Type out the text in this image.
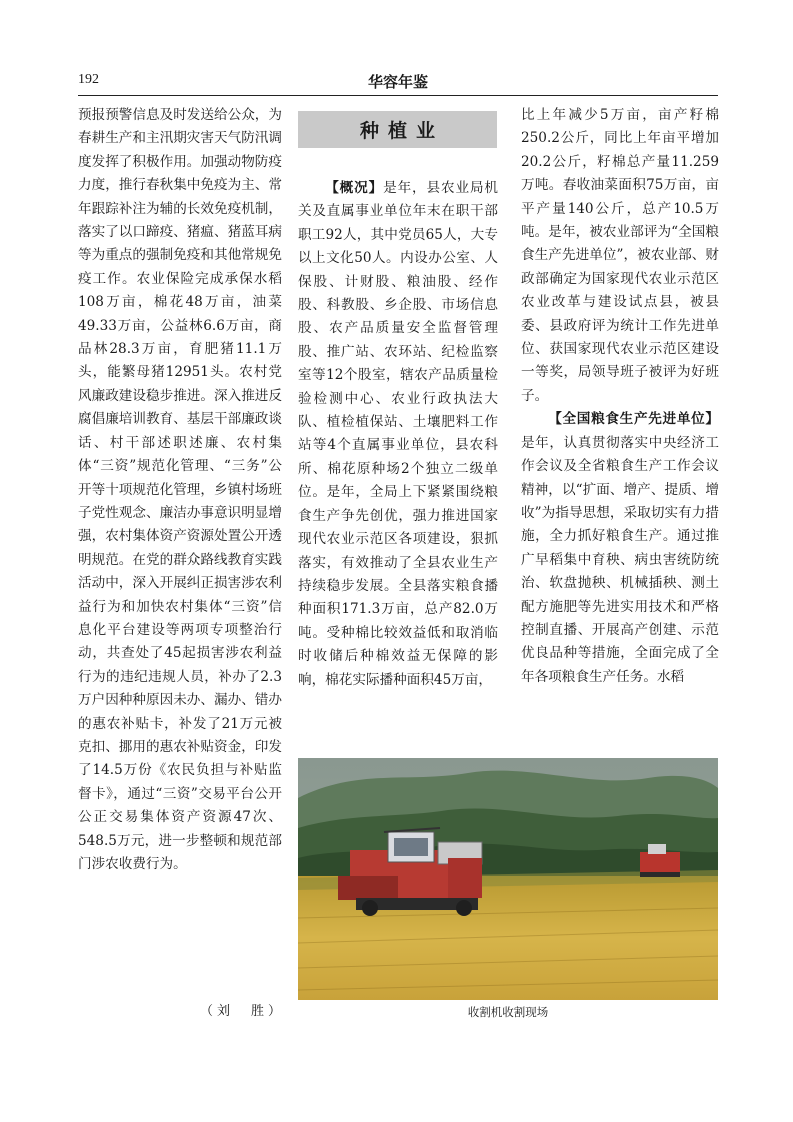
192	华容年鉴

预报预警信息及时发送给公众，为春耕生产和主汛期灾害天气防汛调度发挥了积极作用。加强动物防疫力度，推行春秋集中免疫为主、常年跟踪补注为辅的长效免疫机制，落实了以口蹄疫、猪瘟、猪蓝耳病等为重点的强制免疫和其他常规免疫工作。农业保险完成承保水稻108万亩，棉花48万亩，油菜49.33万亩，公益林6.6万亩，商品林28.3万亩，育肥猪11.1万头，能繁母猪12951头。农村党风廉政建设稳步推进。深入推进反腐倡廉培训教育、基层干部廉政谈话、村干部述职述廉、农村集体“三资”规范化管理、“三务”公开等十项规范化管理，乡镇村场班子党性观念、廉洁办事意识明显增强，农村集体资产资源处置公开透明规范。在党的群众路线教育实践活动中，深入开展纠正损害涉农利益行为和加快农村集体“三资”信息化平台建设等两项专项整治行动，共查处了45起损害涉农利益行为的违纪违规人员，补办了2.3万户因种种原因未办、漏办、错办的惠农补贴卡，补发了21万元被克扣、挪用的惠农补贴资金，印发了14.5万份《农民负担与补贴监督卡》，通过“三资”交易平台公开公正交易集体资产资源47次、548.5万元，进一步整顿和规范部门涉农收费行为。

（刘　胜）
种植业

【概况】是年，县农业局机关及直属事业单位年末在职干部职工92人，其中党员65人，大专以上文化50人。内设办公室、人保股、计财股、粮油股、经作股、科教股、乡企股、市场信息股、农产品质量安全监督管理股、推广站、农环站、纪检监察室等12个股室，辖农产品质量检验检测中心、农业行政执法大队、植检植保站、土壤肥料工作站等4个直属事业单位，县农科所、棉花原种场2个独立二级单位。是年，全局上下紧紧围绕粮食生产争先创优，强力推进国家现代农业示范区各项建设，狠抓落实，有效推动了全县农业生产持续稳步发展。全县落实粮食播种面积171.3万亩，总产82.0万吨。受种棉比较效益低和取消临时收储后种棉效益无保障的影响，棉花实际播种面积45万亩，

比上年减少5万亩，亩产籽棉250.2公斤，同比上年亩平增加20.2公斤，籽棉总产量11.259万吨。春收油菜面积75万亩，亩平产量140公斤，总产10.5万吨。是年，被农业部评为“全国粮食生产先进单位”，被农业部、财政部确定为国家现代农业示范区农业改革与建设试点县，被县委、县政府评为统计工作先进单位、获国家现代农业示范区建设一等奖，局领导班子被评为好班子。

【全国粮食生产先进单位】是年，认真贯彻落实中央经济工作会议及全省粮食生产工作会议精神，以“扩面、增产、提质、增收”为指导思想，采取切实有力措施，全力抓好粮食生产。通过推广早稻集中育秧、病虫害统防统治、软盘抛秧、机械插秧、测土配方施肥等先进实用技术和严格控制直播、开展高产创建、示范优良品种等措施，全面完成了全年各项粮食生产任务。水稻

收割机收割现场
